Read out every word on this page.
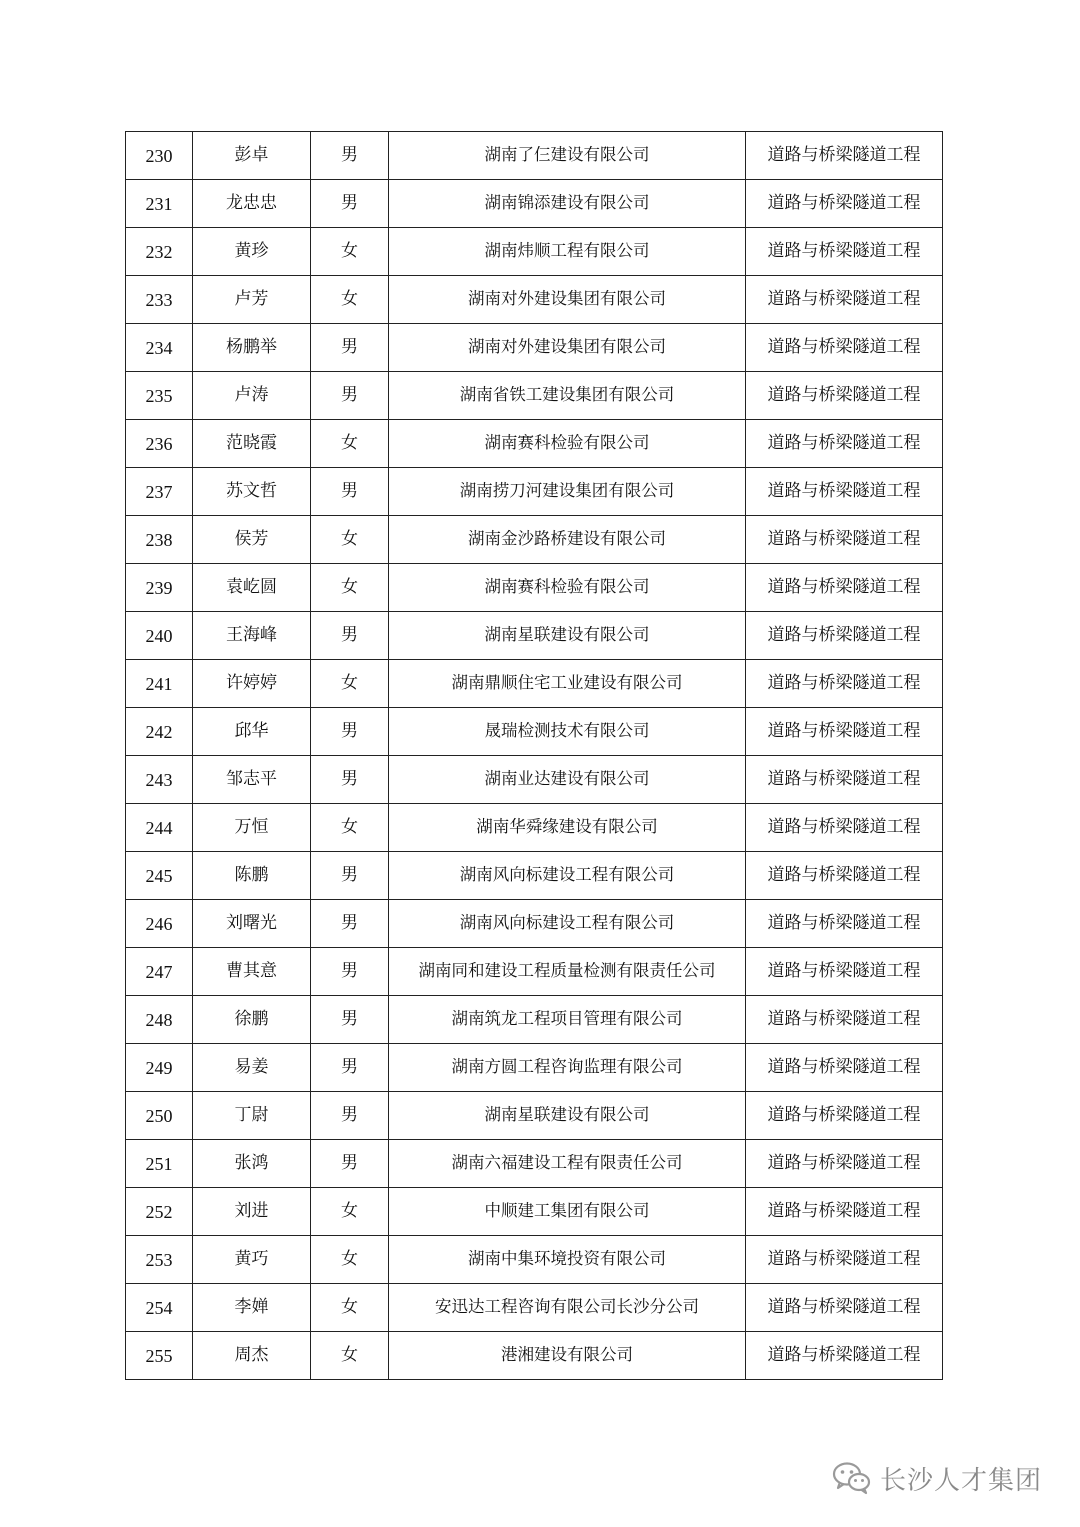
230	彭卓	男	湖南了仨建设有限公司	道路与桥梁隧道工程
231	龙忠忠	男	湖南锦添建设有限公司	道路与桥梁隧道工程
232	黄珍	女	湖南炜顺工程有限公司	道路与桥梁隧道工程
233	卢芳	女	湖南对外建设集团有限公司	道路与桥梁隧道工程
234	杨鹏举	男	湖南对外建设集团有限公司	道路与桥梁隧道工程
235	卢涛	男	湖南省铁工建设集团有限公司	道路与桥梁隧道工程
236	范晓霞	女	湖南赛科检验有限公司	道路与桥梁隧道工程
237	苏文哲	男	湖南捞刀河建设集团有限公司	道路与桥梁隧道工程
238	侯芳	女	湖南金沙路桥建设有限公司	道路与桥梁隧道工程
239	袁屹圆	女	湖南赛科检验有限公司	道路与桥梁隧道工程
240	王海峰	男	湖南星联建设有限公司	道路与桥梁隧道工程
241	许婷婷	女	湖南鼎顺住宅工业建设有限公司	道路与桥梁隧道工程
242	邱华	男	晟瑞检测技术有限公司	道路与桥梁隧道工程
243	邹志平	男	湖南业达建设有限公司	道路与桥梁隧道工程
244	万恒	女	湖南华舜缘建设有限公司	道路与桥梁隧道工程
245	陈鹏	男	湖南风向标建设工程有限公司	道路与桥梁隧道工程
246	刘曙光	男	湖南风向标建设工程有限公司	道路与桥梁隧道工程
247	曹其意	男	湖南同和建设工程质量检测有限责任公司	道路与桥梁隧道工程
248	徐鹏	男	湖南筑龙工程项目管理有限公司	道路与桥梁隧道工程
249	易姜	男	湖南方圆工程咨询监理有限公司	道路与桥梁隧道工程
250	丁尉	男	湖南星联建设有限公司	道路与桥梁隧道工程
251	张鸿	男	湖南六福建设工程有限责任公司	道路与桥梁隧道工程
252	刘进	女	中顺建工集团有限公司	道路与桥梁隧道工程
253	黄巧	女	湖南中集环境投资有限公司	道路与桥梁隧道工程
254	李婵	女	安迅达工程咨询有限公司长沙分公司	道路与桥梁隧道工程
255	周杰	女	港湘建设有限公司	道路与桥梁隧道工程
长沙人才集团
